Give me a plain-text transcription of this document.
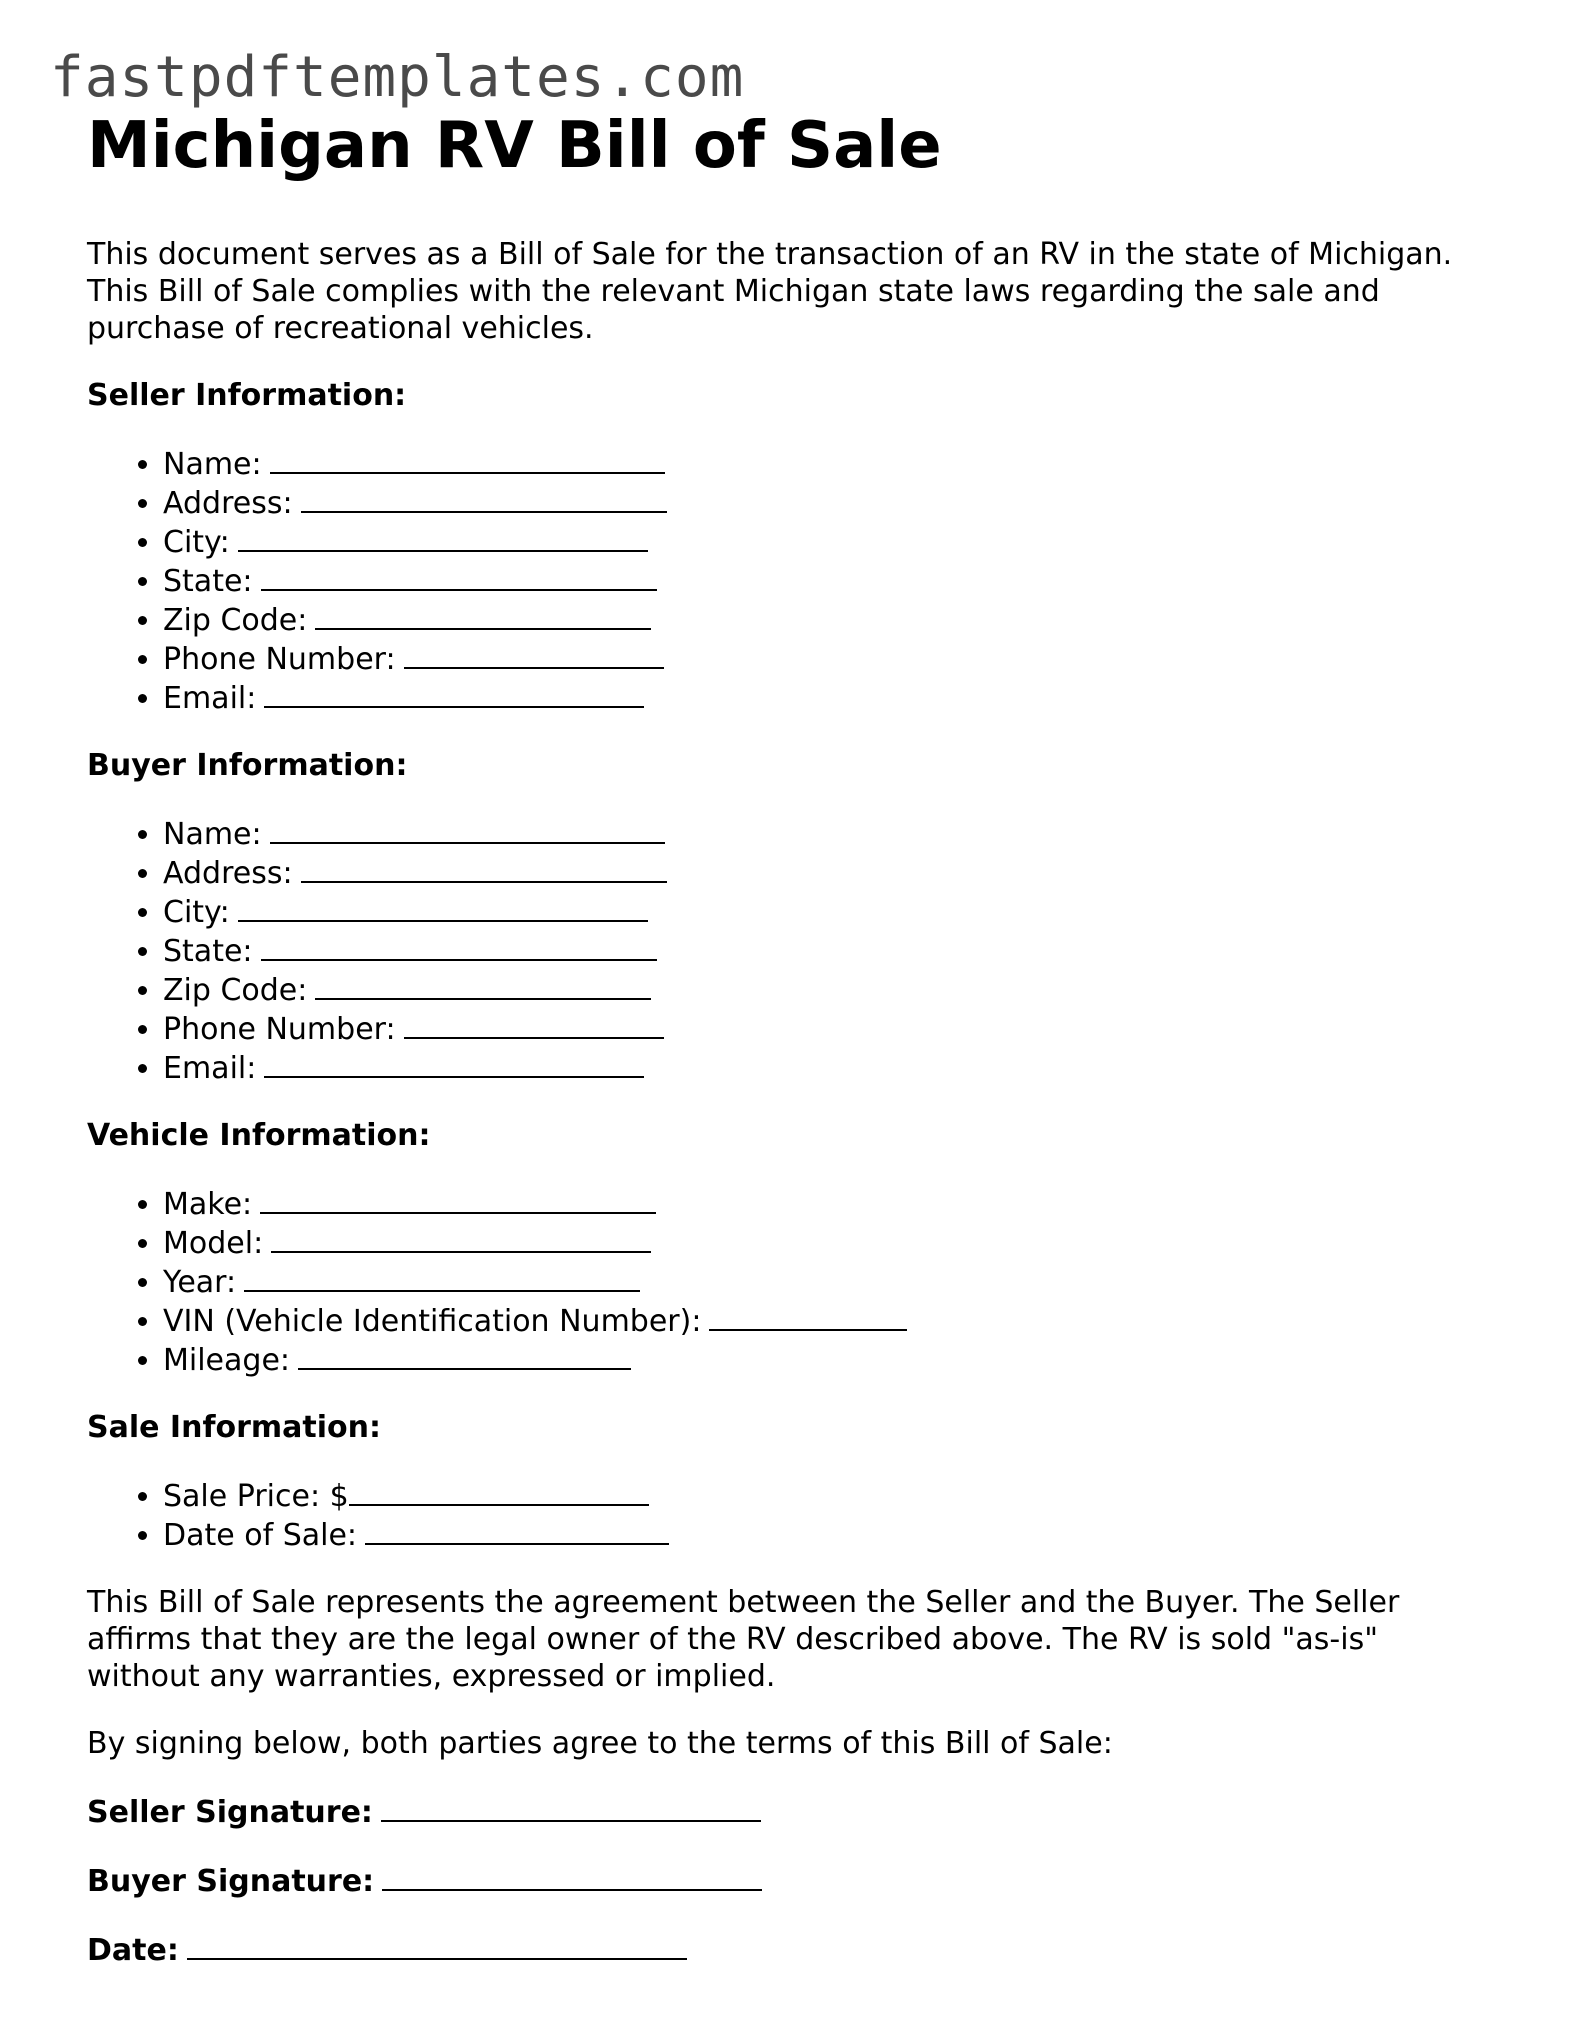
fastpdftemplates.com
Michigan RV Bill of Sale

This document serves as a Bill of Sale for the transaction of an RV in the state of Michigan. This Bill of Sale complies with the relevant Michigan state laws regarding the sale and purchase of recreational vehicles.

Seller Information:
• Name:
• Address:
• City:
• State:
• Zip Code:
• Phone Number:
• Email:
Buyer Information:
• Name:
• Address:
• City:
• State:
• Zip Code:
• Phone Number:
• Email:
Vehicle Information:
• Make:
• Model:
• Year:
• VIN (Vehicle Identification Number):
• Mileage:
Sale Information:
• Sale Price: $
• Date of Sale:

This Bill of Sale represents the agreement between the Seller and the Buyer. The Seller affirms that they are the legal owner of the RV described above. The RV is sold "as-is" without any warranties, expressed or implied.

By signing below, both parties agree to the terms of this Bill of Sale:

Seller Signature:
Buyer Signature:
Date:
